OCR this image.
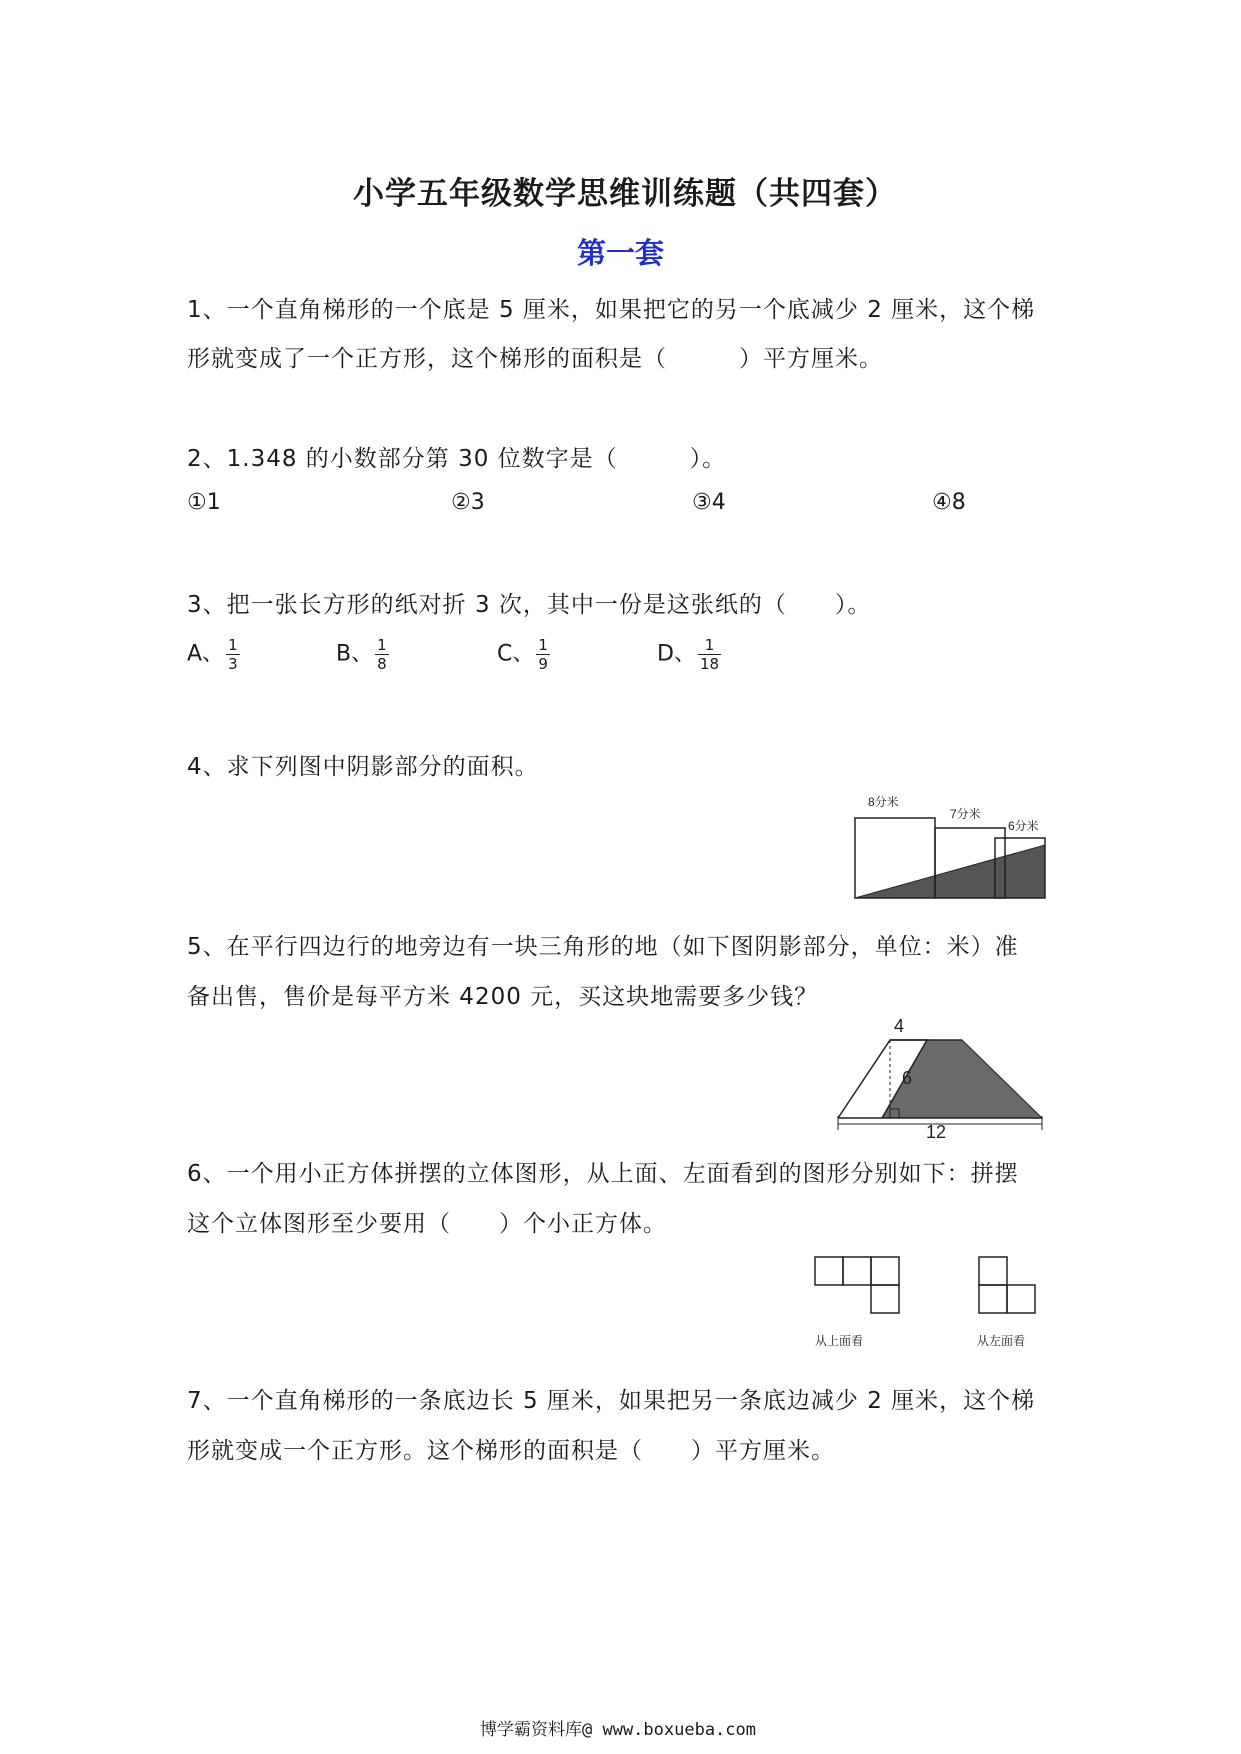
小学五年级数学思维训练题（共四套）
第一套
1、一个直角梯形的一个底是 5 厘米，如果把它的另一个底减少 2 厘米，这个梯
形就变成了一个正方形，这个梯形的面积是（　　　）平方厘米。
2、1.348 的小数部分第 30 位数字是（　　　）。
①1	②3	③4	④8
3、把一张长方形的纸对折 3 次，其中一份是这张纸的（　　）。
A、 $\frac{1}{3}$	B、 $\frac{1}{8}$	C、 $\frac{1}{9}$	D、 $\frac{1}{18}$
4、求下列图中阴影部分的面积。
8分米
7分米
6分米
5、在平行四边行的地旁边有一块三角形的地（如下图阴影部分，单位：米）准
备出售，售价是每平方米 4200 元，买这块地需要多少钱？
4
6
12
6、一个用小正方体拼摆的立体图形，从上面、左面看到的图形分别如下：拼摆
这个立体图形至少要用（　　）个小正方体。
从上面看	从左面看
7、一个直角梯形的一条底边长 5 厘米，如果把另一条底边减少 2 厘米，这个梯
形就变成一个正方形。这个梯形的面积是（　　）平方厘米。
博学霸资料库@ www.boxueba.com
